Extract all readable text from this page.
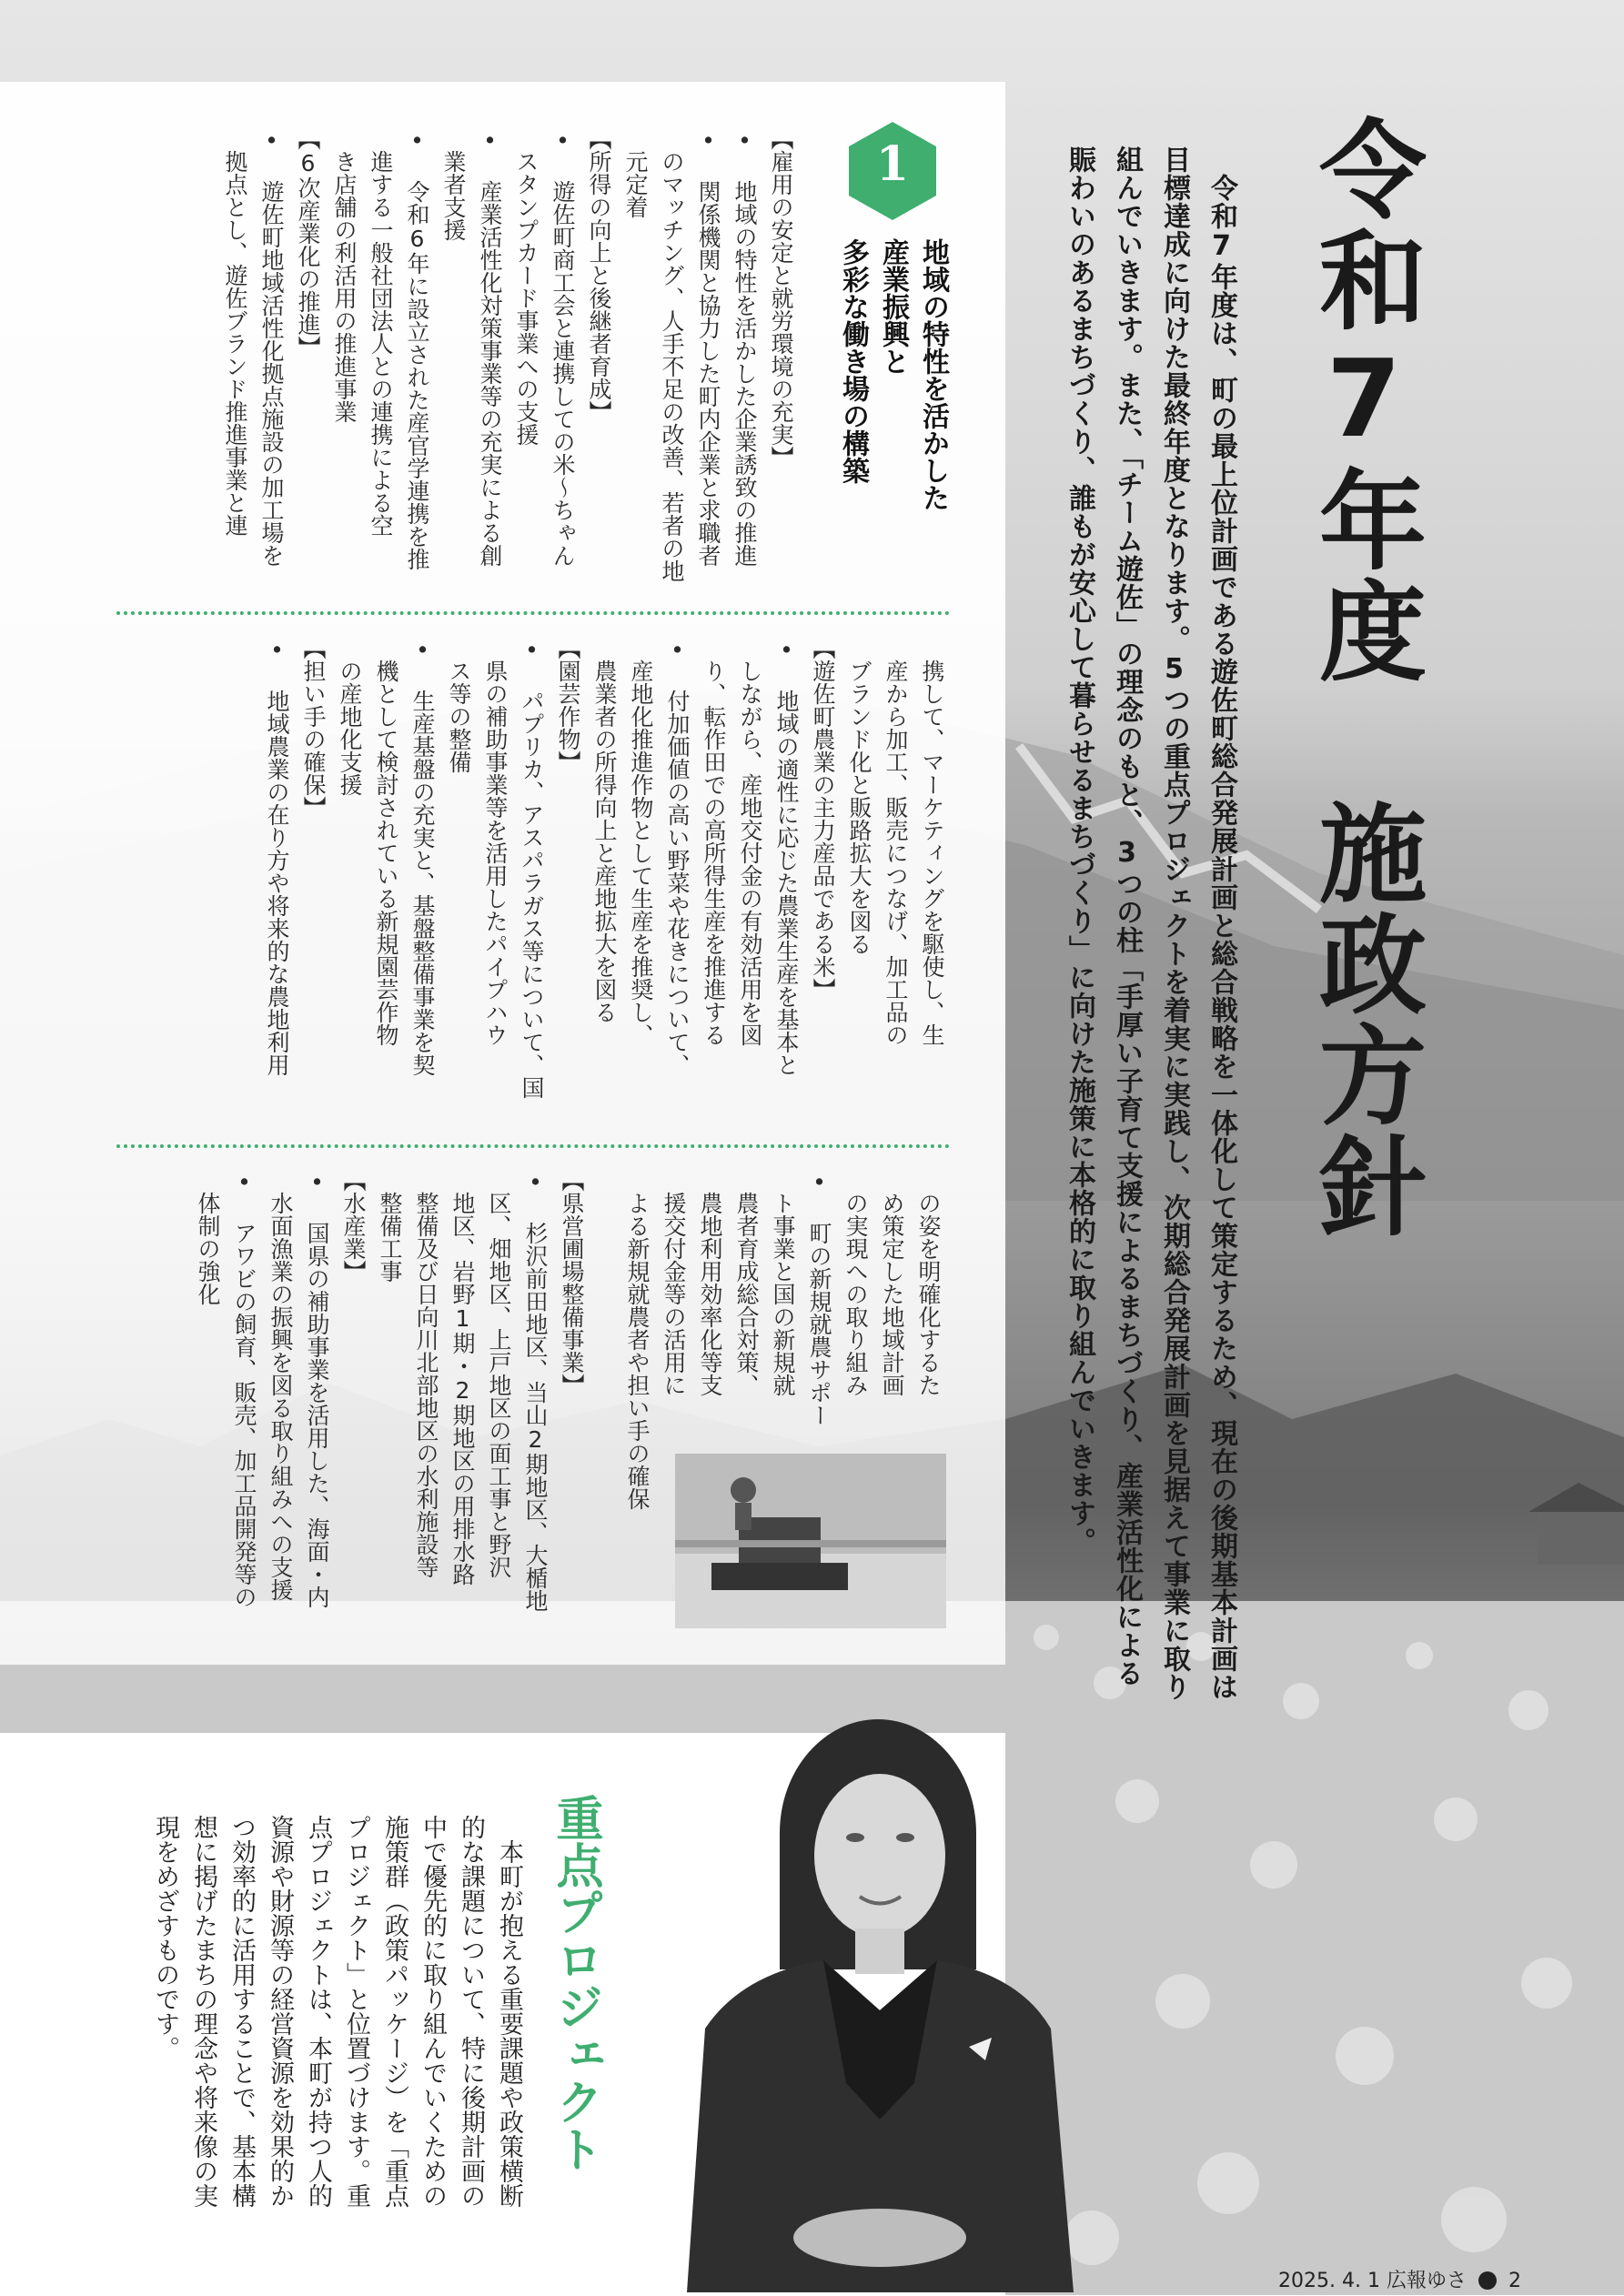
令和7年度　施政方針
　令和7年度は、町の最上位計画である遊佐町総合発展計画と総合戦略を一体化して策定するため、現在の後期基本計画は
目標達成に向けた最終年度となります。5つの重点プロジェクトを着実に実践し、次期総合発展計画を見据えて事業に取り
組んでいきます。また、「チーム遊佐」の理念のもと、3つの柱「手厚い子育て支援によるまちづくり、産業活性化による
賑わいのあるまちづくり、誰もが安心して暮らせるまちづくり」に向けた施策に本格的に取り組んでいきます。
1
地域の特性を活かした
産業振興と
多彩な働き場の構築
【雇用の安定と就労環境の充実】
• 地域の特性を活かした企業誘致の推進
• 関係機関と協力した町内企業と求職者
　のマッチング、人手不足の改善、若者の地
　元定着
【所得の向上と後継者育成】
• 遊佐町商工会と連携しての米～ちゃん
　スタンプカード事業への支援
• 産業活性化対策事業等の充実による創
　業者支援
• 令和6年に設立された産官学連携を推
　進する一般社団法人との連携による空
　き店舗の利活用の推進事業
【6次産業化の推進】
• 遊佐町地域活性化拠点施設の加工場を
　拠点とし、遊佐ブランド推進事業と連
　携して、マーケティングを駆使し、生
　産から加工、販売につなげ、加工品の
　ブランド化と販路拡大を図る
【遊佐町農業の主力産品である米】
• 地域の適性に応じた農業生産を基本と
　しながら、産地交付金の有効活用を図
　り、転作田での高所得生産を推進する
• 付加価値の高い野菜や花きについて、
　産地化推進作物として生産を推奨し、
　農業者の所得向上と産地拡大を図る
【園芸作物】
• パプリカ、アスパラガス等について、国
　県の補助事業等を活用したパイプハウ
　ス等の整備
• 生産基盤の充実と、基盤整備事業を契
　機として検討されている新規園芸作物
　の産地化支援
【担い手の確保】
• 地域農業の在り方や将来的な農地利用
　の姿を明確化するた
　め策定した地域計画
　の実現への取り組み
• 町の新規就農サポー
　ト事業と国の新規就
　農者育成総合対策、
　農地利用効率化等支
　援交付金等の活用に
　よる新規就農者や担い手の確保
【県営圃場整備事業】
• 杉沢前田地区、当山2期地区、大楯地
　区、畑地区、上戸地区の面工事と野沢
　地区、岩野1期・2期地区の用排水路
　整備及び日向川北部地区の水利施設等
　整備工事
【水産業】
• 国県の補助事業を活用した、海面・内
　水面漁業の振興を図る取り組みへの支援
• アワビの飼育、販売、加工品開発等の
　体制の強化
重点プロジェクト
　本町が抱える重要課題や政策横断
的な課題について、特に後期計画の
中で優先的に取り組んでいくための
施策群（政策パッケージ）を「重点
プロジェクト」と位置づけます。重
点プロジェクトは、本町が持つ人的
資源や財源等の経営資源を効果的か
つ効率的に活用することで、基本構
想に掲げたまちの理念や将来像の実
現をめざすものです。
2025. 4. 1 広報ゆさ 2
